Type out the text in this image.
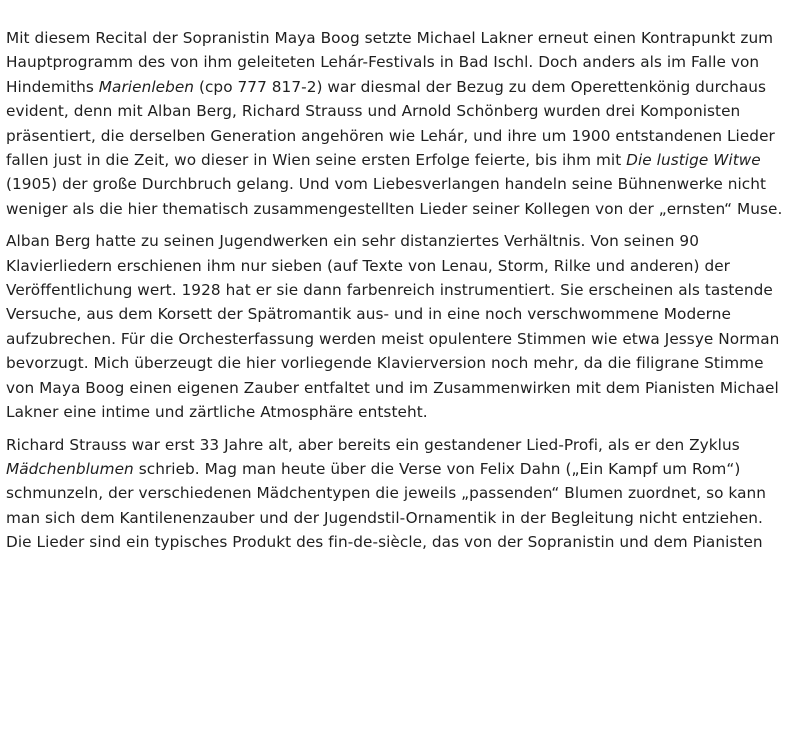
Mit diesem Recital der Sopranistin Maya Boog setzte Michael Lakner erneut einen Kontrapunkt zum Hauptprogramm des von ihm geleiteten Lehár-Festivals in Bad Ischl. Doch anders als im Falle von Hindemiths Marienleben (cpo 777 817-2) war diesmal der Bezug zu dem Operettenkönig durchaus evident, denn mit Alban Berg, Richard Strauss und Arnold Schönberg wurden drei Komponisten präsentiert, die derselben Generation angehören wie Lehár, und ihre um 1900 entstandenen Lieder fallen just in die Zeit, wo dieser in Wien seine ersten Erfolge feierte, bis ihm mit Die lustige Witwe (1905) der große Durchbruch gelang. Und vom Liebesverlangen handeln seine Bühnenwerke nicht weniger als die hier thematisch zusammengestellten Lieder seiner Kollegen von der „ernsten“ Muse.

Alban Berg hatte zu seinen Jugendwerken ein sehr distanziertes Verhältnis. Von seinen 90 Klavierliedern erschienen ihm nur sieben (auf Texte von Lenau, Storm, Rilke und anderen) der Veröffentlichung wert. 1928 hat er sie dann farbenreich instrumentiert. Sie erscheinen als tastende Versuche, aus dem Korsett der Spätromantik aus- und in eine noch verschwommene Moderne aufzubrechen. Für die Orchesterfassung werden meist opulentere Stimmen wie etwa Jessye Norman bevorzugt. Mich überzeugt die hier vorliegende Klavierversion noch mehr, da die filigrane Stimme von Maya Boog einen eigenen Zauber entfaltet und im Zusammenwirken mit dem Pianisten Michael Lakner eine intime und zärtliche Atmosphäre entsteht.

Richard Strauss war erst 33 Jahre alt, aber bereits ein gestandener Lied-Profi, als er den Zyklus Mädchenblumen schrieb. Mag man heute über die Verse von Felix Dahn („Ein Kampf um Rom“) schmunzeln, der verschiedenen Mädchentypen die jeweils „passenden“ Blumen zuordnet, so kann man sich dem Kantilenenzauber und der Jugendstil-Ornamentik in der Begleitung nicht entziehen. Die Lieder sind ein typisches Produkt des fin-de-siècle, das von der Sopranistin und dem Pianisten
